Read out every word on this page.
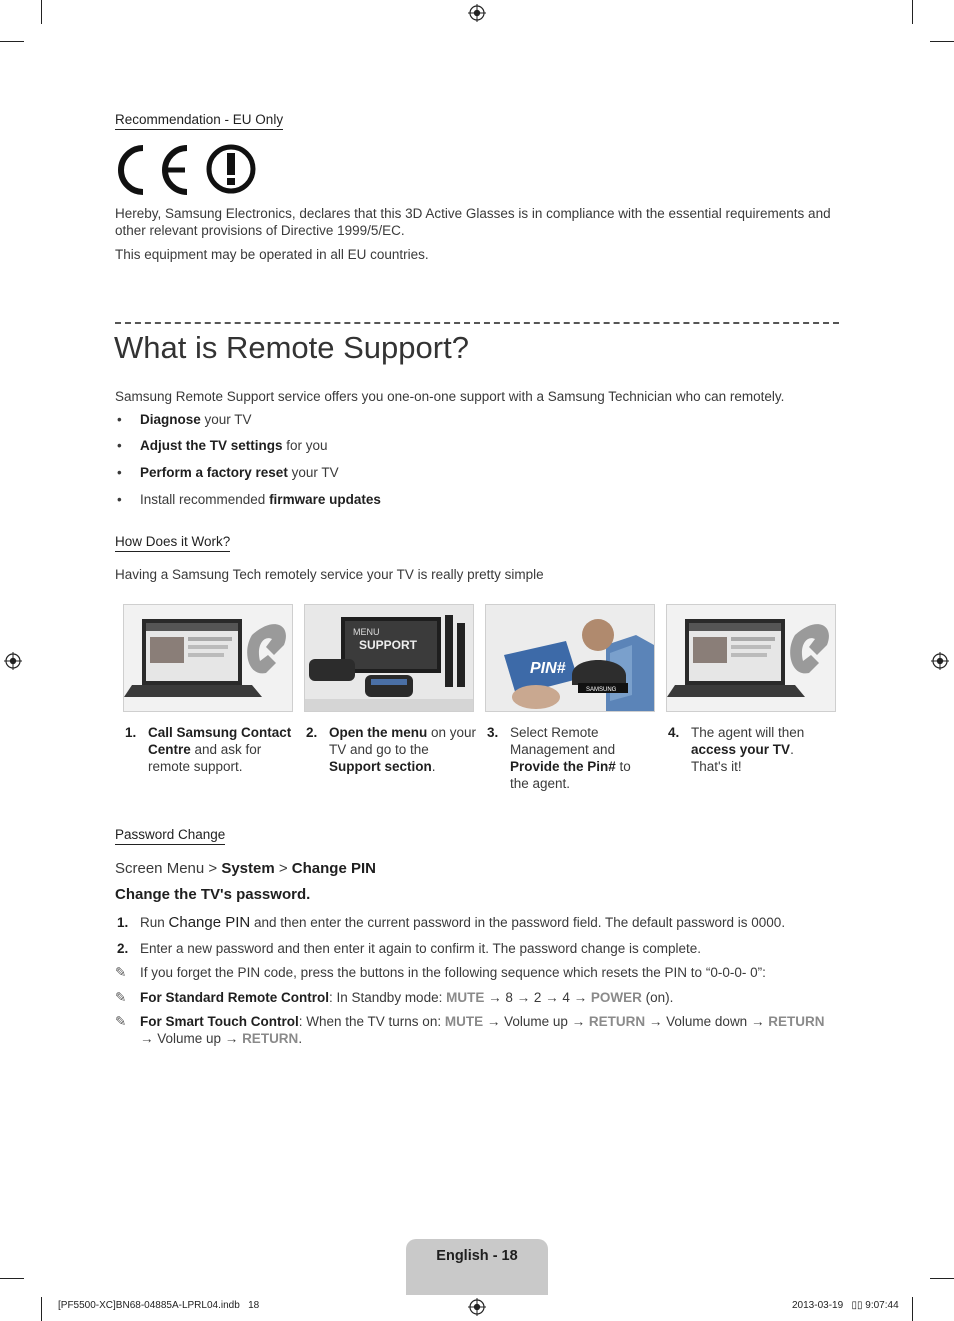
Recommendation - EU Only
Hereby, Samsung Electronics, declares that this 3D Active Glasses is in compliance with the essential requirements and other relevant provisions of Directive 1999/5/EC.
This equipment may be operated in all EU countries.
What is Remote Support?
Samsung Remote Support service offers you one-on-one support with a Samsung Technician who can remotely.
• Diagnose your TV
• Adjust the TV settings for you
• Perform a factory reset your TV
• Install recommended firmware updates
How Does it Work?
Having a Samsung Tech remotely service your TV is really pretty simple
MENU
SUPPORT
PIN#
SAMSUNG
1. Call Samsung Contact Centre and ask for remote support.
2. Open the menu on your TV and go to the Support section.
3. Select Remote Management and Provide the Pin# to the agent.
4. The agent will then access your TV. That's it!
Password Change
Screen Menu > System > Change PIN
Change the TV's password.
1. Run Change PIN and then enter the current password in the password field. The default password is 0000.
2. Enter a new password and then enter it again to confirm it. The password change is complete.
✎ If you forget the PIN code, press the buttons in the following sequence which resets the PIN to “0-0-0- 0”:
✎ For Standard Remote Control: In Standby mode: MUTE → 8 → 2 → 4 → POWER (on).
✎ For Smart Touch Control: When the TV turns on: MUTE → Volume up → RETURN → Volume down → RETURN
→ Volume up → RETURN.
English - 18
[PF5500-XC]BN68-04885A-LPRL04.indb   18	2013-03-19   ▯▯ 9:07:44
